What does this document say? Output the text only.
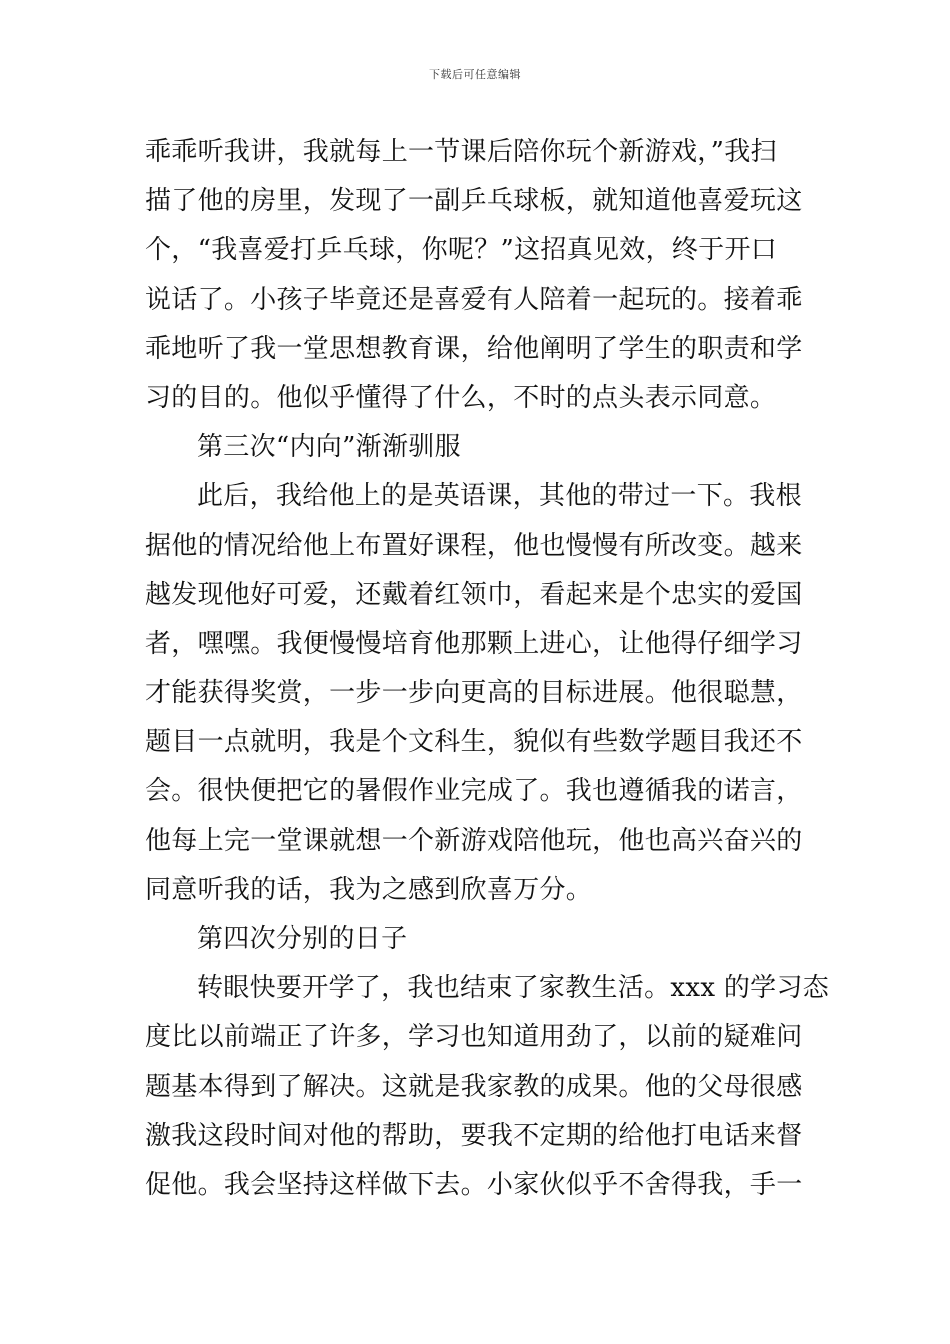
下载后可任意编辑
乖乖听我讲，我就每上一节课后陪你玩个新游戏，”我扫
描了他的房里，发现了一副乒乓球板，就知道他喜爱玩这
个，“我喜爱打乒乓球，你呢？”这招真见效，终于开口
说话了。小孩子毕竟还是喜爱有人陪着一起玩的。接着乖
乖地听了我一堂思想教育课，给他阐明了学生的职责和学
习的目的。他似乎懂得了什么，不时的点头表示同意。
第三次“内向”渐渐驯服
此后，我给他上的是英语课，其他的带过一下。我根
据他的情况给他上布置好课程，他也慢慢有所改变。越来
越发现他好可爱，还戴着红领巾，看起来是个忠实的爱国
者，嘿嘿。我便慢慢培育他那颗上进心，让他得仔细学习
才能获得奖赏，一步一步向更高的目标进展。他很聪慧，
题目一点就明，我是个文科生，貌似有些数学题目我还不
会。很快便把它的暑假作业完成了。我也遵循我的诺言，
他每上完一堂课就想一个新游戏陪他玩，他也高兴奋兴的
同意听我的话，我为之感到欣喜万分。
第四次分别的日子
转眼快要开学了，我也结束了家教生活。xxx 的学习态
度比以前端正了许多，学习也知道用劲了，以前的疑难问
题基本得到了解决。这就是我家教的成果。他的父母很感
激我这段时间对他的帮助，要我不定期的给他打电话来督
促他。我会坚持这样做下去。小家伙似乎不舍得我，手一
